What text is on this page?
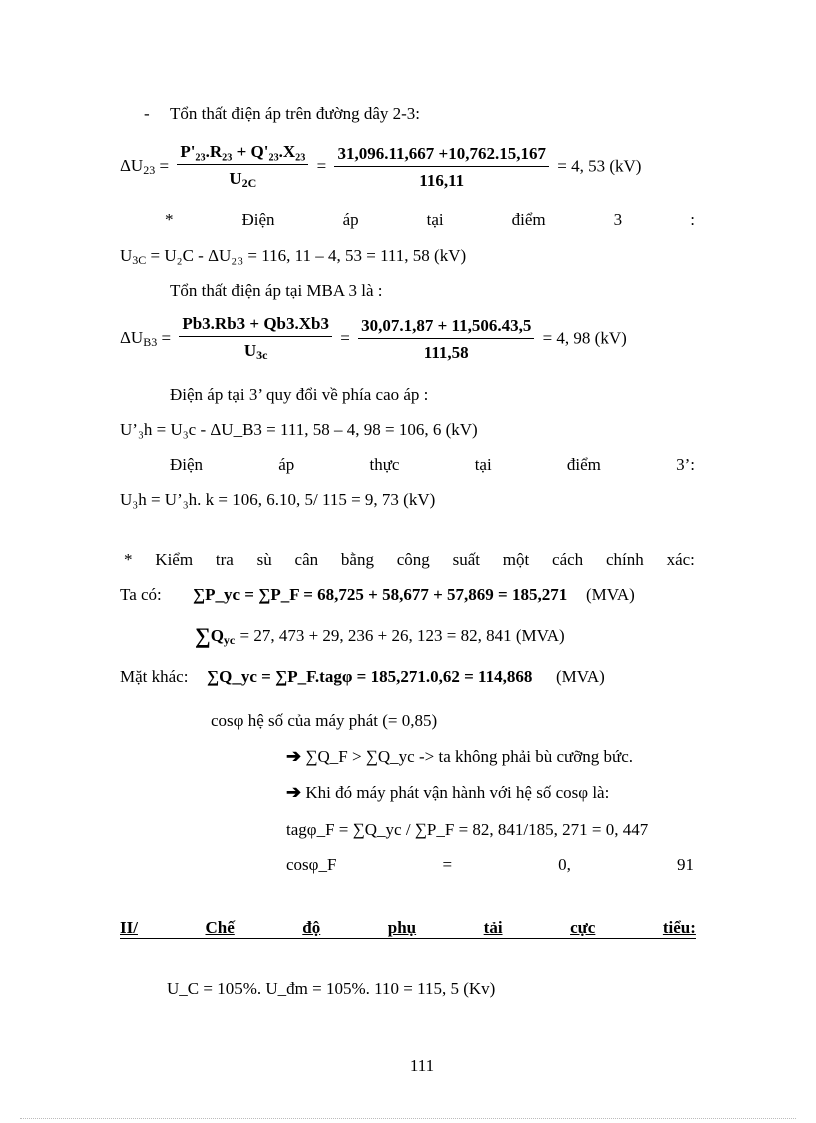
- Tổn thất điện áp trên đường dây 2-3:
$\Delta U_{23} = \frac{\text{P'₂₃.R₂₃ + Q'₂₃.X₂₃}}{U_{2C}} = \frac{31,096.11,667 +10,762.15,167}{116,11} = 4$, 53 (kV)
*	Điện	áp	tại	điểm	3	:
$U_{3C} = U_2C - \Delta U_{23} = 116$, 11 – 4, 53 = 111, 58 (kV)
Tổn thất điện áp tại MBA 3 là :
$\Delta U_{B3} = \frac{Pb3.Rb3 + Qb3.Xb3}{U_{3c}} = \frac{30,07.1,87 + 11,506.43,5}{111,58} = 4$, 98 (kV)
Điện áp tại 3’ quy đổi về phía cao áp :
U’₃h = U₃c - ΔU_B3 = 111, 58 – 4, 98 = 106, 6 (kV)
Điện	áp	thực	tại	điểm	3’:
U₃h = U’₃h. k = 106, 6.10, 5/ 115 = 9, 73 (kV)
* Kiểm tra sù cân bằng công suất một cách chính xác:
Ta có: ∑P_yc = ∑P_F = 68,725 + 58,677 + 57,869 = 185,271 (MVA)
$\sum Q_{yc} = 27$, 473 + 29, 236 + 26, 123 = 82, 841 (MVA)
Mặt khác: ∑Q_yc = ∑P_F.tagφ = 185,271.0,62 = 114,868 (MVA)
cosφ hệ số của máy phát (= 0,85)
➔ ∑Q_F > ∑Q_yc -> ta không phải bù cưỡng bức.
➔ Khi đó máy phát vận hành với hệ số cosφ là:
tagφ_F = ∑Q_yc / ∑P_F = 82, 841/185, 271 = 0, 447
cosφ_F	=	0,	91
II/	Chế	độ	phụ	tải	cực	tiểu:
U_C = 105%. U_đm = 105%. 110 = 115, 5 (Kv)
111
